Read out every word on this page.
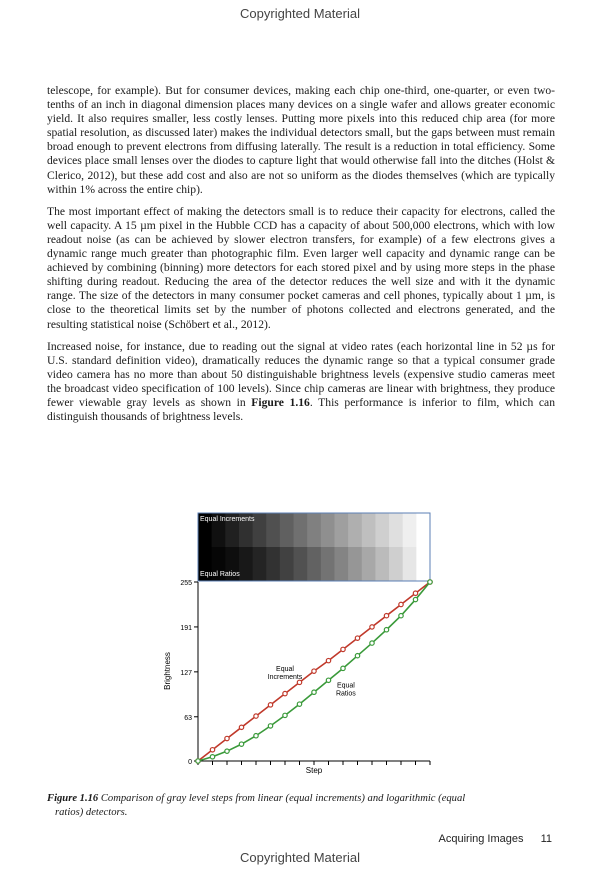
Copyrighted Material

telescope, for example). But for consumer devices, making each chip one-third, one-quarter, or even two-tenths of an inch in diagonal dimension places many devices on a single wafer and allows greater economic yield. It also requires smaller, less costly lenses. Putting more pixels into this reduced chip area (for more spatial resolution, as discussed later) makes the individual detectors small, but the gaps between must remain broad enough to prevent electrons from diffusing laterally. The result is a reduction in total efficiency. Some devices place small lenses over the diodes to capture light that would otherwise fall into the ditches (Holst & Clerico, 2012), but these add cost and also are not so uniform as the diodes themselves (which are typically within 1% across the entire chip).

The most important effect of making the detectors small is to reduce their capacity for electrons, called the well capacity. A 15 µm pixel in the Hubble CCD has a capacity of about 500,000 electrons, which with low readout noise (as can be achieved by slower electron transfers, for example) of a few electrons gives a dynamic range much greater than photographic film. Even larger well capacity and dynamic range can be achieved by combining (binning) more detectors for each stored pixel and by using more steps in the phase shifting during readout. Reducing the area of the detector reduces the well size and with it the dynamic range. The size of the detectors in many consumer pocket cameras and cell phones, typically about 1 µm, is close to the theoretical limits set by the number of photons collected and electrons generated, and the resulting statistical noise (Schöbert et al., 2012).

Increased noise, for instance, due to reading out the signal at video rates (each horizontal line in 52 µs for U.S. standard definition video), dramatically reduces the dynamic range so that a typical consumer grade video camera has no more than about 50 distinguishable brightness levels (expensive studio cameras meet the broadcast video specification of 100 levels). Since chip cameras are linear with brightness, they produce fewer viewable gray levels as shown in Figure 1.16. This performance is inferior to film, which can distinguish thousands of brightness levels.

Equal Increments
Equal Ratios
0
63
127
191
255
Brightness
Step
Equal Increments
Equal Ratios
Figure 1.16 Comparison of gray level steps from linear (equal increments) and logarithmic (equal
ratios) detectors.
Acquiring Images 11
Copyrighted Material
